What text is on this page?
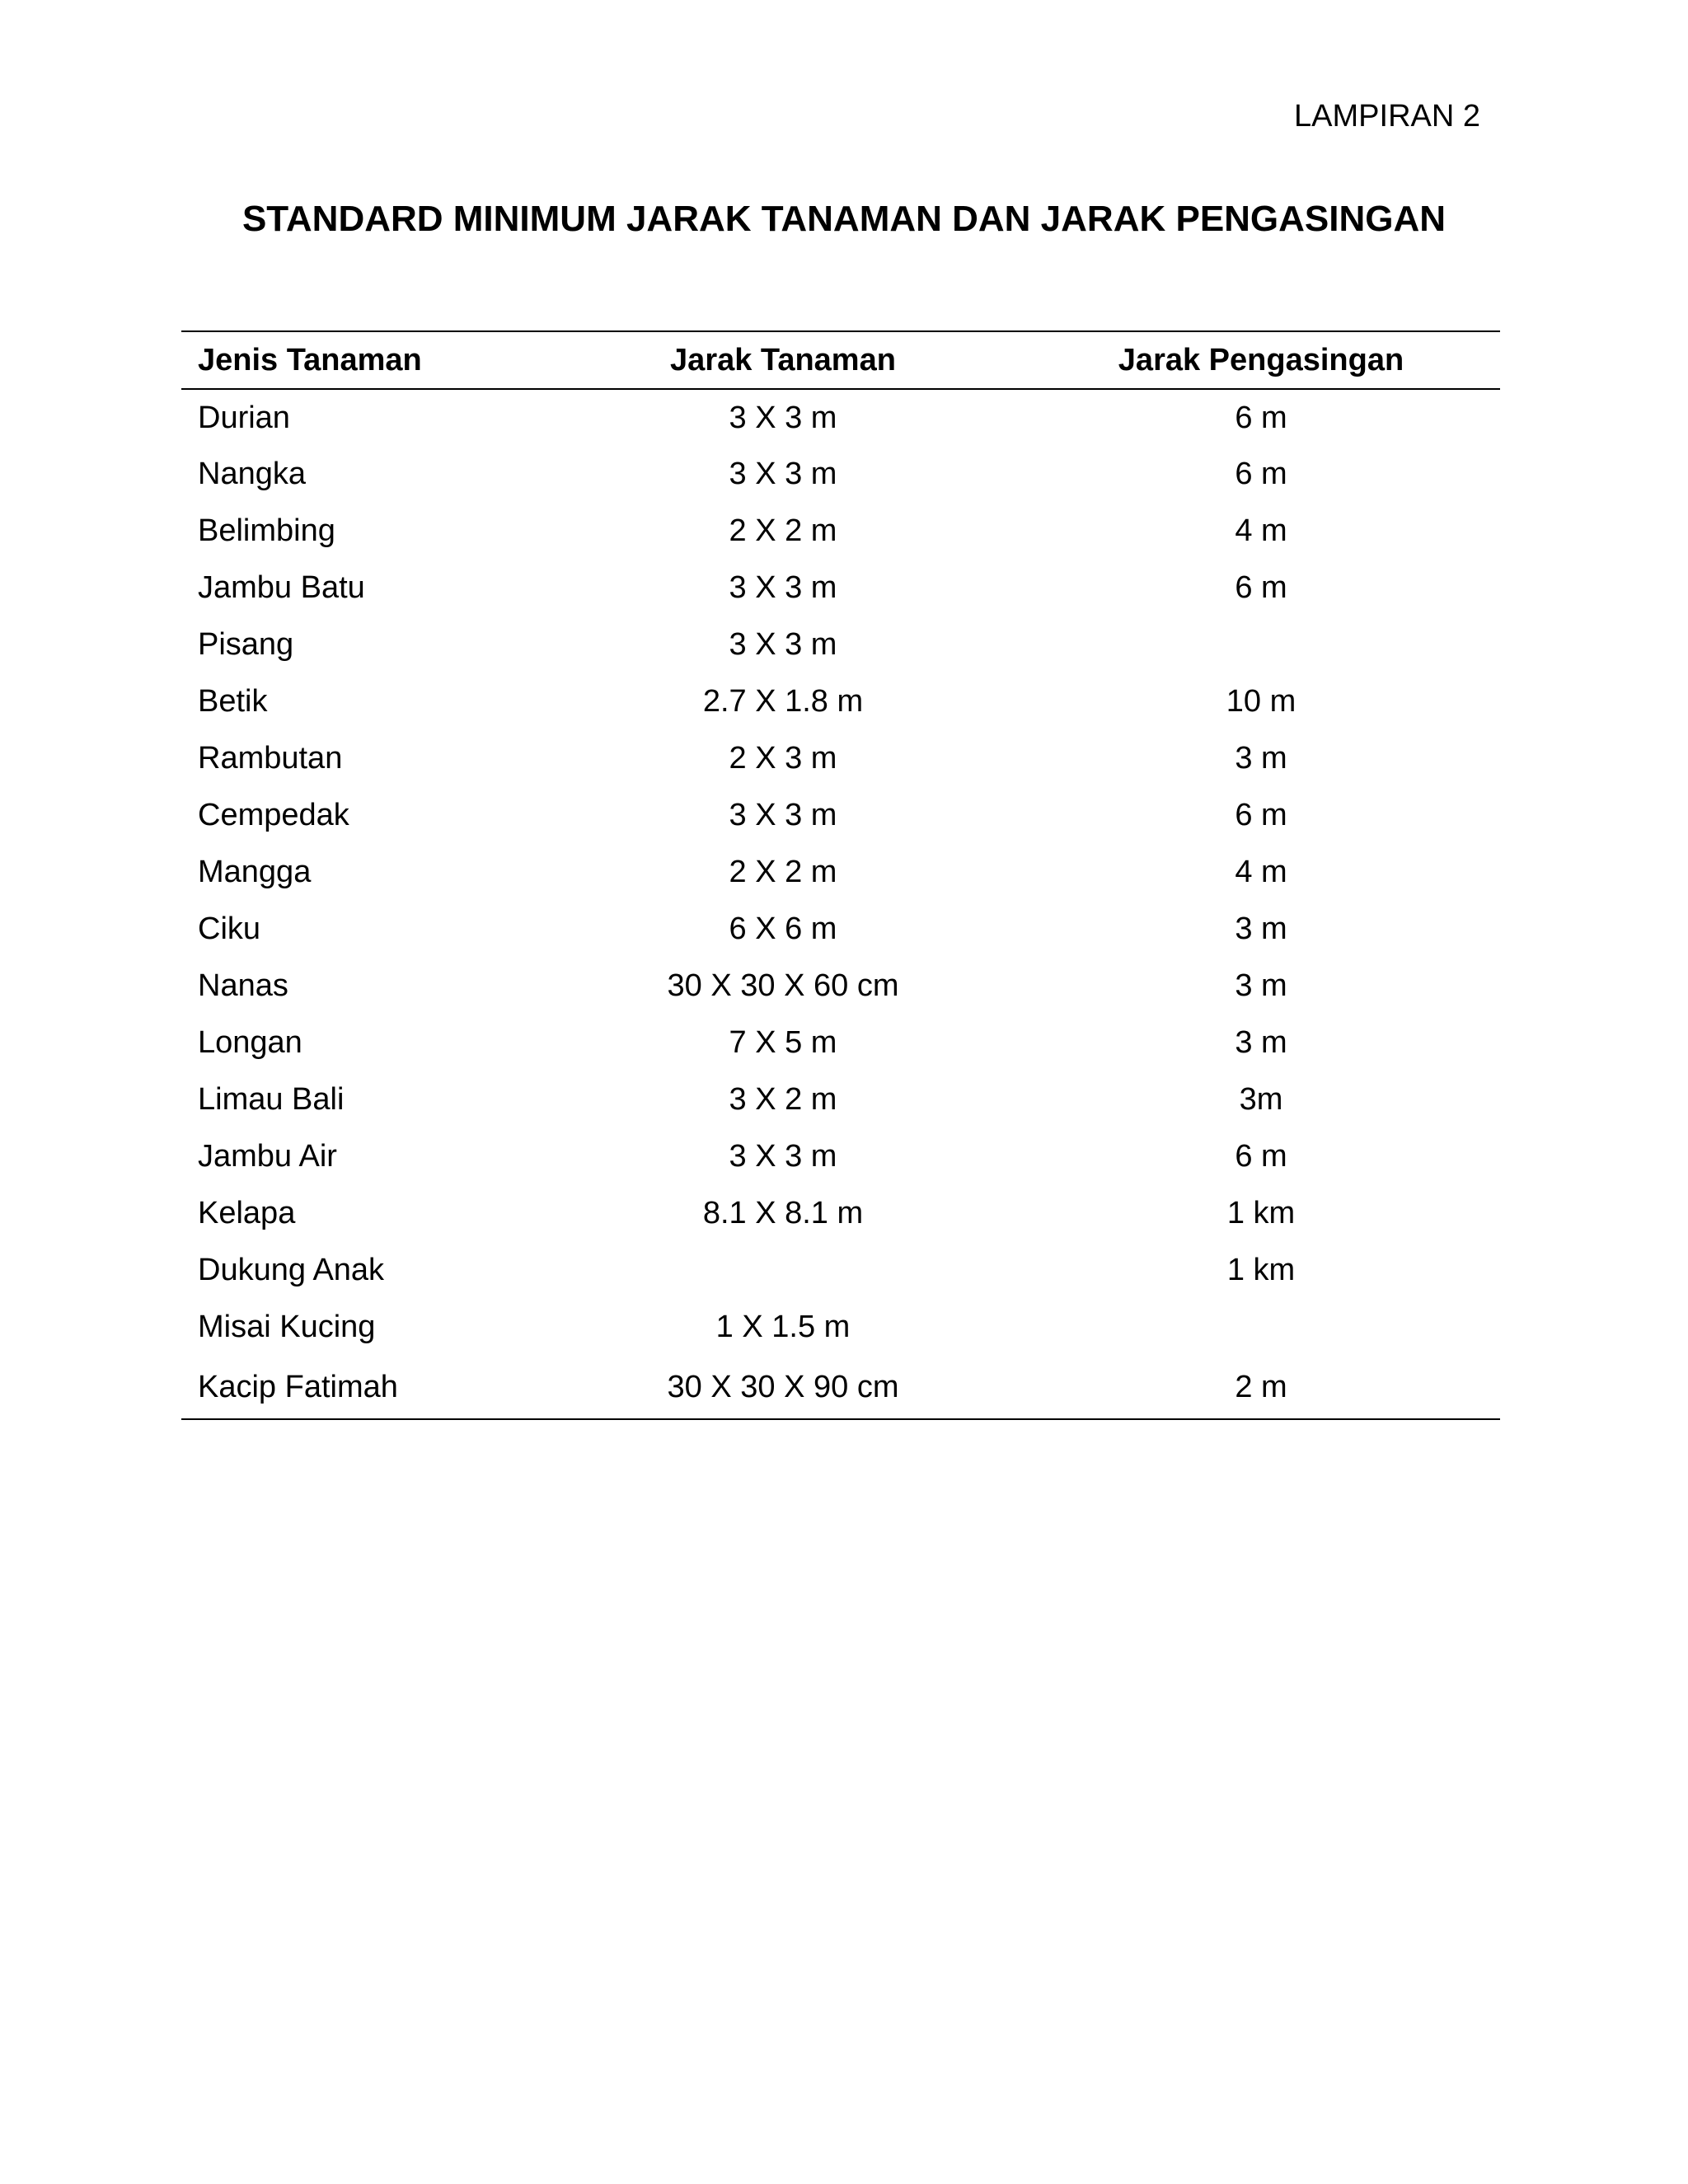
LAMPIRAN 2
STANDARD MINIMUM JARAK TANAMAN DAN JARAK PENGASINGAN
Jenis Tanaman	Jarak Tanaman	Jarak Pengasingan
Durian	3 X 3 m	6 m
Nangka	3 X 3 m	6 m
Belimbing	2 X 2 m	4 m
Jambu Batu	3 X 3 m	6 m
Pisang	3 X 3 m	
Betik	2.7 X 1.8 m	10 m
Rambutan	2 X 3 m	3 m
Cempedak	3 X 3 m	6 m
Mangga	2 X 2 m	4 m
Ciku	6 X 6 m	3 m
Nanas	30 X 30 X 60 cm	3 m
Longan	7 X 5 m	3 m
Limau Bali	3 X 2 m	3m
Jambu Air	3 X 3 m	6 m
Kelapa	8.1 X 8.1 m	1 km
Dukung Anak		1 km
Misai Kucing	1 X 1.5 m	
Kacip Fatimah	30 X 30 X 90 cm	2 m
